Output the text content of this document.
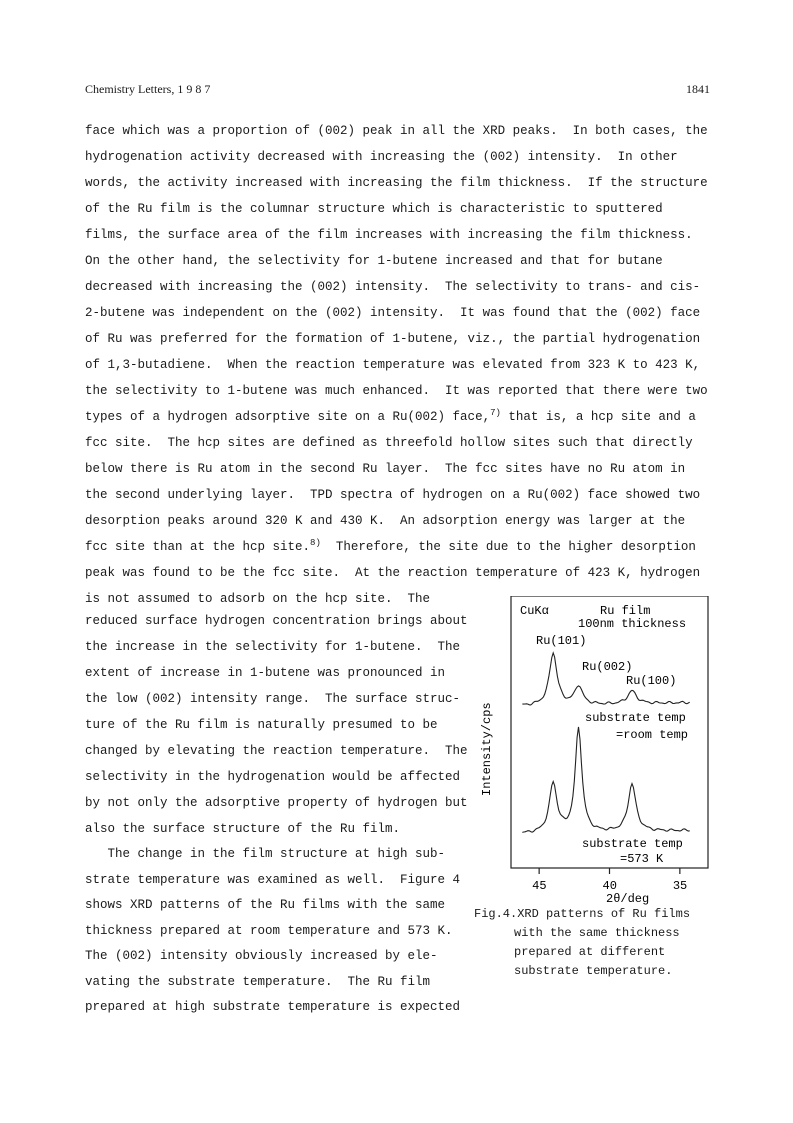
Chemistry Letters, 1 9 8 7	1841
face which was a proportion of (002) peak in all the XRD peaks.  In both cases, the
hydrogenation activity decreased with increasing the (002) intensity.  In other
words, the activity increased with increasing the film thickness.  If the structure
of the Ru film is the columnar structure which is characteristic to sputtered
films, the surface area of the film increases with increasing the film thickness.
On the other hand, the selectivity for 1-butene increased and that for butane
decreased with increasing the (002) intensity.  The selectivity to trans- and cis-
2-butene was independent on the (002) intensity.  It was found that the (002) face
of Ru was preferred for the formation of 1-butene, viz., the partial hydrogenation
of 1,3-butadiene.  When the reaction temperature was elevated from 323 K to 423 K,
the selectivity to 1-butene was much enhanced.  It was reported that there were two
types of a hydrogen adsorptive site on a Ru(002) face,$^{7)}$ that is, a hcp site and a
fcc site.  The hcp sites are defined as threefold hollow sites such that directly
below there is Ru atom in the second Ru layer.  The fcc sites have no Ru atom in
the second underlying layer.  TPD spectra of hydrogen on a Ru(002) face showed two
desorption peaks around 320 K and 430 K.  An adsorption energy was larger at the
fcc site than at the hcp site.$^{8)}$  Therefore, the site due to the higher desorption
peak was found to be the fcc site.  At the reaction temperature of 423 K, hydrogen
is not assumed to adsorb on the hcp site.  The
reduced surface hydrogen concentration brings about
the increase in the selectivity for 1-butene.  The
extent of increase in 1-butene was pronounced in
the low (002) intensity range.  The surface struc-
ture of the Ru film is naturally presumed to be
changed by elevating the reaction temperature.  The
selectivity in the hydrogenation would be affected
by not only the adsorptive property of hydrogen but
also the surface structure of the Ru film.
The change in the film structure at high sub-
strate temperature was examined as well.  Figure 4
shows XRD patterns of the Ru films with the same
thickness prepared at room temperature and 573 K.
The (002) intensity obviously increased by ele-
vating the substrate temperature.  The Ru film
prepared at high substrate temperature is expected
CuKα	Ru film
100nm thickness
Ru(101)
Ru(002)
Ru(100)
substrate temp
=room temp
substrate temp
=573 K
Intensity/cps
45	40	35
2θ/deg
Fig.4.XRD patterns of Ru films
with the same thickness
prepared at different
substrate temperature.
